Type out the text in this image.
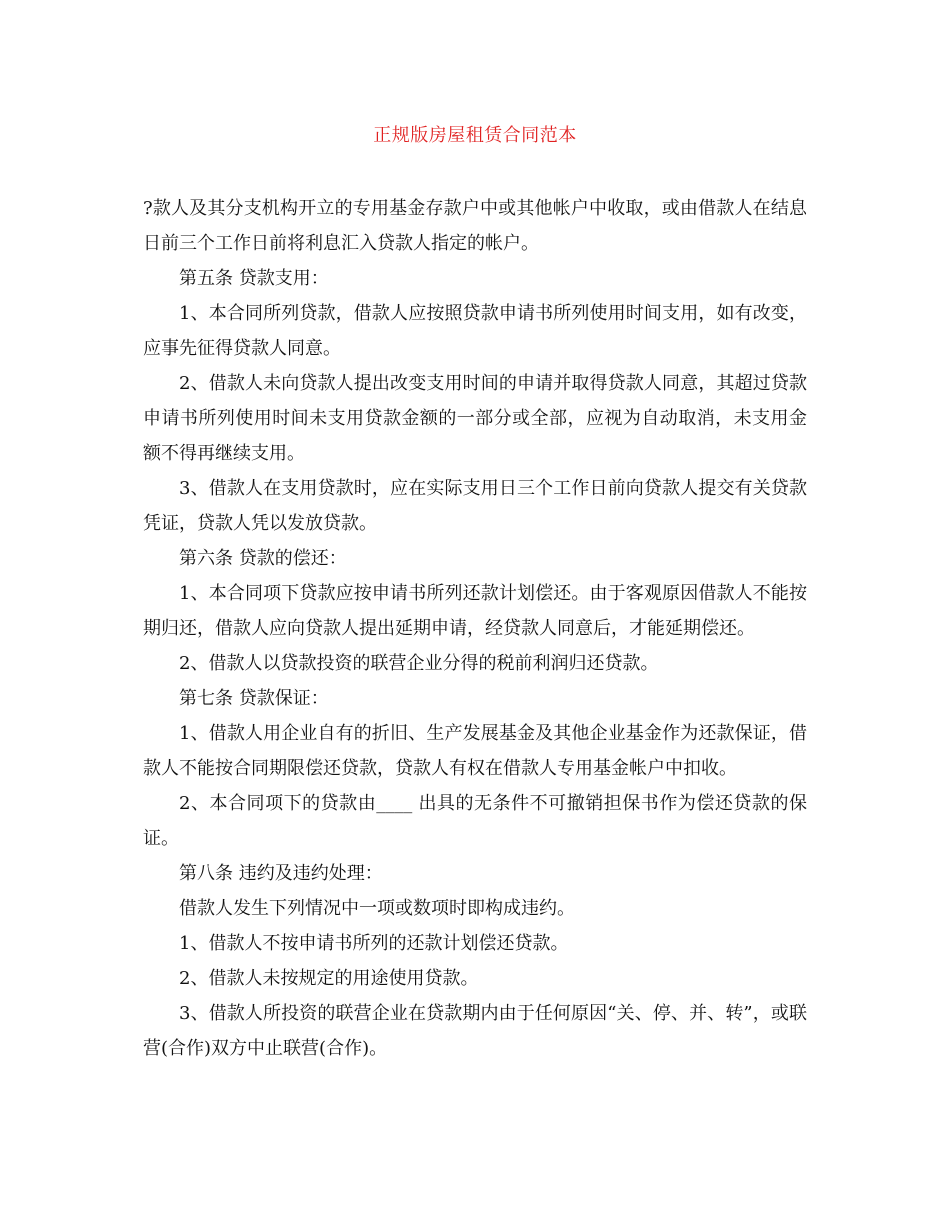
正规版房屋租赁合同范本

?款人及其分支机构开立的专用基金存款户中或其他帐户中收取，或由借款人在结息日前三个工作日前将利息汇入贷款人指定的帐户。

第五条 贷款支用：

1、本合同所列贷款，借款人应按照贷款申请书所列使用时间支用，如有改变，应事先征得贷款人同意。

2、借款人未向贷款人提出改变支用时间的申请并取得贷款人同意，其超过贷款申请书所列使用时间未支用贷款金额的一部分或全部，应视为自动取消，未支用金额不得再继续支用。

3、借款人在支用贷款时，应在实际支用日三个工作日前向贷款人提交有关贷款凭证，贷款人凭以发放贷款。

第六条 贷款的偿还：

1、本合同项下贷款应按申请书所列还款计划偿还。由于客观原因借款人不能按期归还，借款人应向贷款人提出延期申请，经贷款人同意后，才能延期偿还。

2、借款人以贷款投资的联营企业分得的税前利润归还贷款。

第七条 贷款保证：

1、借款人用企业自有的折旧、生产发展基金及其他企业基金作为还款保证，借款人不能按合同期限偿还贷款，贷款人有权在借款人专用基金帐户中扣收。

2、本合同项下的贷款由____ 出具的无条件不可撤销担保书作为偿还贷款的保证。

第八条 违约及违约处理：

借款人发生下列情况中一项或数项时即构成违约。

1、借款人不按申请书所列的还款计划偿还贷款。

2、借款人未按规定的用途使用贷款。

3、借款人所投资的联营企业在贷款期内由于任何原因“关、停、并、转”，或联营(合作)双方中止联营(合作)。
